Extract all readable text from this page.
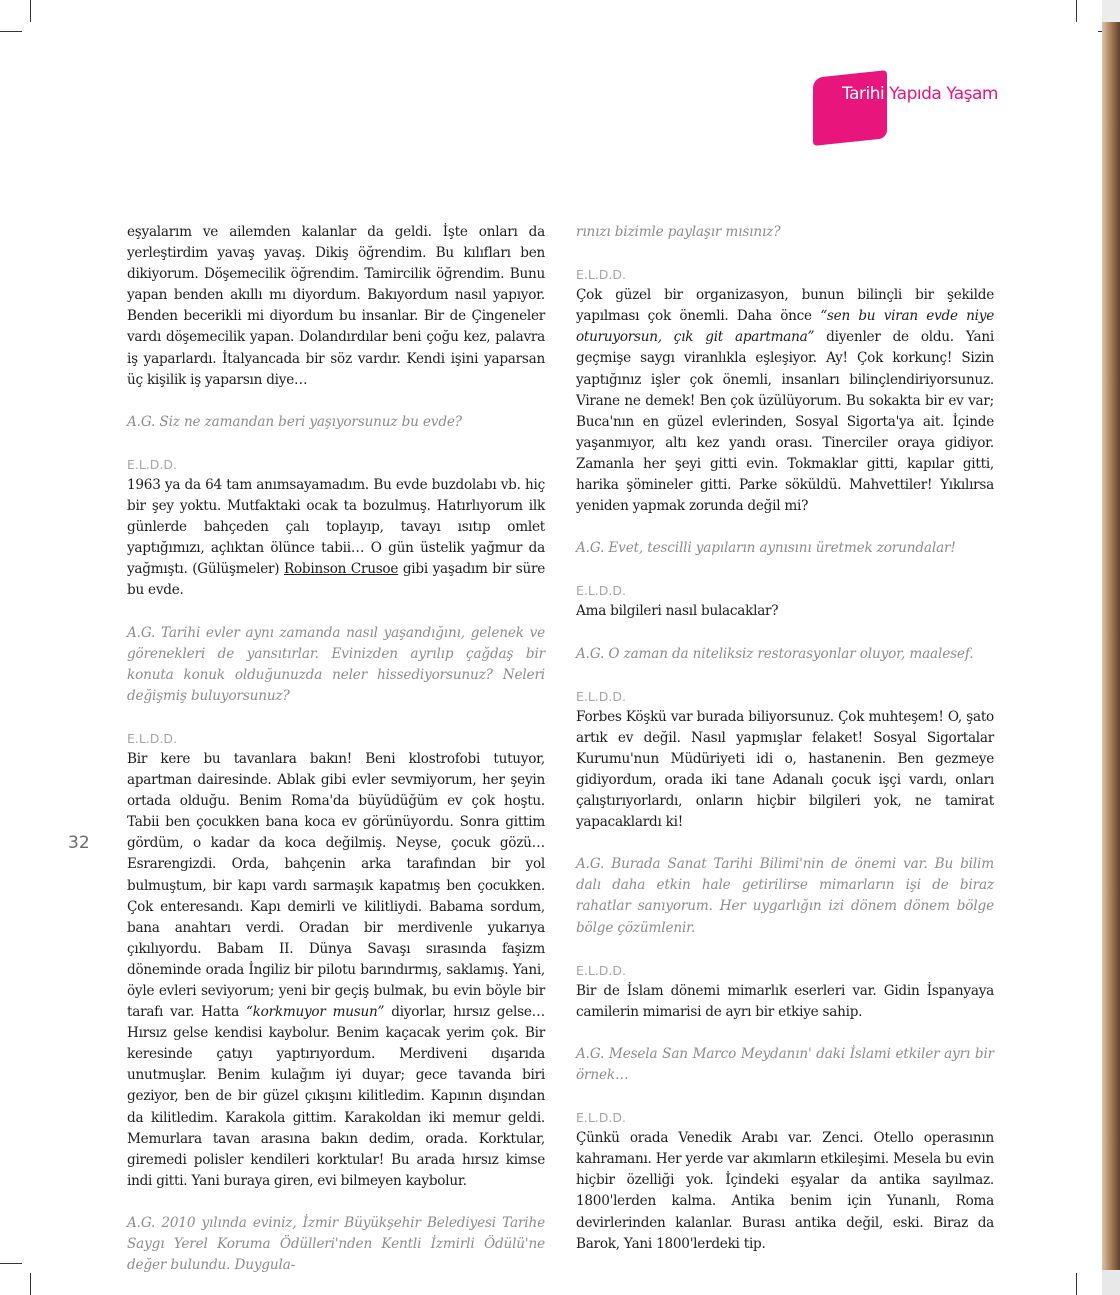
Tarihi Yapıda Yaşam
32

eşyalarım ve ailemden kalanlar da geldi. İşte onları da yerleştirdim yavaş yavaş. Dikiş öğrendim. Bu kılıfları ben dikiyorum. Döşemecilik öğrendim. Tamircilik öğrendim. Bunu yapan benden akıllı mı diyordum. Bakıyordum nasıl yapıyor. Benden becerikli mi diyordum bu insanlar. Bir de Çingeneler vardı döşemecilik yapan. Dolandırdılar beni çoğu kez, palavra iş yaparlardı. İtalyancada bir söz vardır. Kendi işini yaparsan üç kişilik iş yaparsın diye…

A.G. Siz ne zamandan beri yaşıyorsunuz bu evde?

E.L.D.D.
1963 ya da 64 tam anımsayamadım. Bu evde buzdolabı vb. hiç bir şey yoktu. Mutfaktaki ocak ta bozulmuş. Hatırlıyorum ilk günlerde bahçeden çalı toplayıp, tavayı ısıtıp omlet yaptığımızı, açlıktan ölünce tabii… O gün üstelik yağmur da yağmıştı. (Gülüşmeler) Robinson Crusoe gibi yaşadım bir süre bu evde.

A.G. Tarihi evler aynı zamanda nasıl yaşandığını, gelenek ve görenekleri de yansıtırlar. Evinizden ayrılıp çağdaş bir konuta konuk olduğunuzda neler hissediyorsunuz? Neleri değişmiş buluyorsunuz?

E.L.D.D.
Bir kere bu tavanlara bakın! Beni klostrofobi tutuyor, apartman dairesinde. Ablak gibi evler sevmiyorum, her şeyin ortada olduğu. Benim Roma'da büyüdüğüm ev çok hoştu. Tabii ben çocukken bana koca ev görünüyordu. Sonra gittim gördüm, o kadar da koca değilmiş. Neyse, çocuk gözü… Esrarengizdi. Orda, bahçenin arka tarafından bir yol bulmuştum, bir kapı vardı sarmaşık kapatmış ben çocukken. Çok enteresandı. Kapı demirli ve kilitliydi. Babama sordum, bana anahtarı verdi. Oradan bir merdivenle yukarıya çıkılıyordu. Babam II. Dünya Savaşı sırasında faşizm döneminde orada İngiliz bir pilotu barındırmış, saklamış. Yani, öyle evleri seviyorum; yeni bir geçiş bulmak, bu evin böyle bir tarafı var. Hatta “korkmuyor musun” diyorlar, hırsız gelse… Hırsız gelse kendisi kaybolur. Benim kaçacak yerim çok. Bir keresinde çatıyı yaptırıyordum. Merdiveni dışarıda unutmuşlar. Benim kulağım iyi duyar; gece tavanda biri geziyor, ben de bir güzel çıkışını kilitledim. Kapının dışından da kilitledim. Karakola gittim. Karakoldan iki memur geldi. Memurlara tavan arasına bakın dedim, orada. Korktular, giremedi polisler kendileri korktular! Bu arada hırsız kimse indi gitti. Yani buraya giren, evi bilmeyen kaybolur.

A.G. 2010 yılında eviniz, İzmir Büyükşehir Belediyesi Tarihe Saygı Yerel Koruma Ödülleri'nden Kentli İzmirli Ödülü'ne değer bulundu. Duygula-

rınızı bizimle paylaşır mısınız?

E.L.D.D.
Çok güzel bir organizasyon, bunun bilinçli bir şekilde yapılması çok önemli. Daha önce “sen bu viran evde niye oturuyorsun, çık git apartmana” diyenler de oldu. Yani geçmişe saygı viranlıkla eşleşiyor. Ay! Çok korkunç! Sizin yaptığınız işler çok önemli, insanları bilinçlendiriyorsunuz. Virane ne demek! Ben çok üzülüyorum. Bu sokakta bir ev var; Buca'nın en güzel evlerinden, Sosyal Sigorta'ya ait. İçinde yaşanmıyor, altı kez yandı orası. Tinerciler oraya gidiyor. Zamanla her şeyi gitti evin. Tokmaklar gitti, kapılar gitti, harika şömineler gitti. Parke söküldü. Mahvettiler! Yıkılırsa yeniden yapmak zorunda değil mi?

A.G. Evet, tescilli yapıların aynısını üretmek zorundalar!

E.L.D.D.
Ama bilgileri nasıl bulacaklar?

A.G. O zaman da niteliksiz restorasyonlar oluyor, maalesef.

E.L.D.D.
Forbes Köşkü var burada biliyorsunuz. Çok muhteşem! O, şato artık ev değil. Nasıl yapmışlar felaket! Sosyal Sigortalar Kurumu'nun Müdüriyeti idi o, hastanenin. Ben gezmeye gidiyordum, orada iki tane Adanalı çocuk işçi vardı, onları çalıştırıyorlardı, onların hiçbir bilgileri yok, ne tamirat yapacaklardı ki!

A.G. Burada Sanat Tarihi Bilimi'nin de önemi var. Bu bilim dalı daha etkin hale getirilirse mimarların işi de biraz rahatlar sanıyorum. Her uygarlığın izi dönem dönem bölge bölge çözümlenir.

E.L.D.D.
Bir de İslam dönemi mimarlık eserleri var. Gidin İspanyaya camilerin mimarisi de ayrı bir etkiye sahip.

A.G. Mesela San Marco Meydanın' daki İslami etkiler ayrı bir örnek…

E.L.D.D.
Çünkü orada Venedik Arabı var. Zenci. Otello operasının kahramanı. Her yerde var akımların etkileşimi. Mesela bu evin hiçbir özelliği yok. İçindeki eşyalar da antika sayılmaz. 1800'lerden kalma. Antika benim için Yunanlı, Roma devirlerinden kalanlar. Burası antika değil, eski. Biraz da Barok, Yani 1800'lerdeki tip.
